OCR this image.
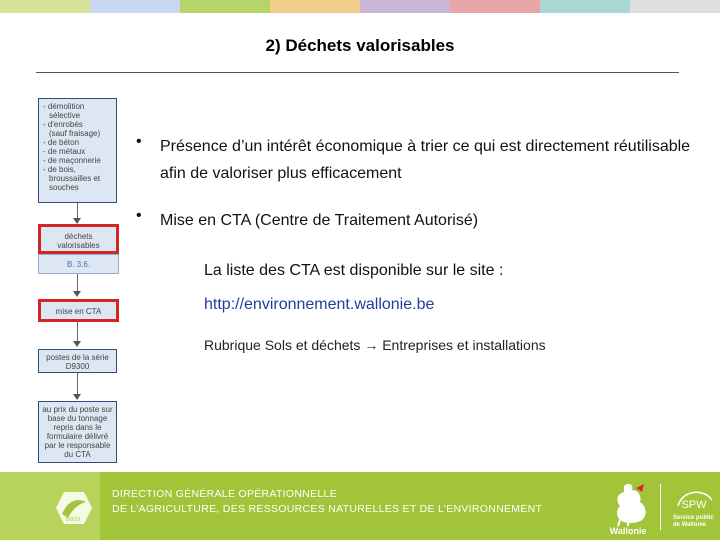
2) Déchets valorisables
- démolition
sélective
- d'enrobés
(sauf fraisage)
- de béton
- de métaux
- de maçonnerie
- de bois,
broussailles et
souches
déchets
valorisables
B. 3.6.
mise en CTA
postes de la série
D9300
au prix du poste sur
base du tonnage
repris dans le
formulaire délivré
par le responsable
du CTA
• Présence d’un intérêt économique à trier ce qui est directement réutilisable afin de valoriser plus efficacement
• Mise en CTA (Centre de Traitement Autorisé)
La liste des CTA est disponible sur le site :
http://environnement.wallonie.be
Rubrique Sols et déchets → Entreprises et installations
DGO3
DIRECTION GÉNÉRALE OPÉRATIONNELLE
DE L’AGRICULTURE, DES RESSOURCES NATURELLES ET DE L’ENVIRONNEMENT
Wallonie
SPW
Service public
de Wallonie
